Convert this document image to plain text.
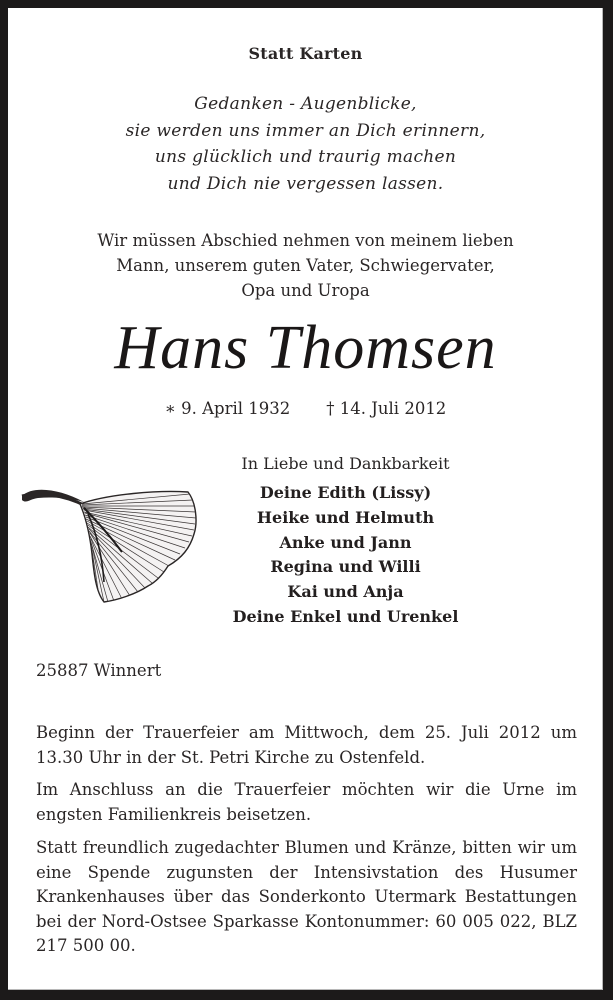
Statt Karten
Gedanken - Augenblicke,
sie werden uns immer an Dich erinnern,
uns glücklich und traurig machen
und Dich nie vergessen lassen.
Wir müssen Abschied nehmen von meinem lieben
Mann, unserem guten Vater, Schwiegervater,
Opa und Uropa
Hans Thomsen
∗ 9. April 1932 † 14. Juli 2012
In Liebe und Dankbarkeit
Deine Edith (Lissy)
Heike und Helmuth
Anke und Jann
Regina und Willi
Kai und Anja
Deine Enkel und Urenkel
25887 Winnert
Beginn der Trauerfeier am Mittwoch, dem 25. Juli 2012 um 13.30 Uhr in der St. Petri Kirche zu Ostenfeld.
Im Anschluss an die Trauerfeier möchten wir die Urne im engsten Familienkreis beisetzen.
Statt freundlich zugedachter Blumen und Kränze, bitten wir um eine Spende zugunsten der Intensivstation des Husumer Krankenhauses über das Sonderkonto Utermark Bestattungen bei der Nord-Ostsee Sparkasse Kontonummer: 60 005 022, BLZ 217 500 00.
